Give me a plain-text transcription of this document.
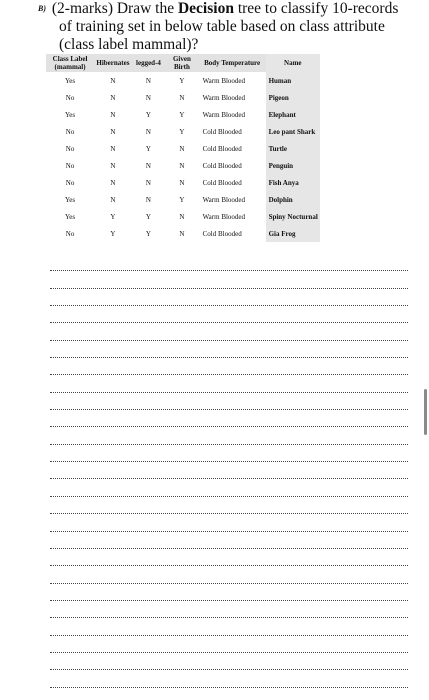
B) (2-marks) Draw the Decision tree to classify 10-records
of training set in below table based on class attribute
(class label mammal)?
Class Label (mammal)	Hibernates	legged-4	Given Birth	Body Temperature	Name
Yes	N	N	Y	Warm Blooded	Human
No	N	N	N	Warm Blooded	Pigeon
Yes	N	Y	Y	Warm Blooded	Elephant
No	N	N	Y	Cold Blooded	Leo pant Shark
No	N	Y	N	Cold Blooded	Turtle
No	N	N	N	Cold Blooded	Penguin
No	N	N	N	Cold Blooded	Fish Anya
Yes	N	N	Y	Warm Blooded	Dolphin
Yes	Y	Y	N	Warm Blooded	Spiny Nocturnal
No	Y	Y	N	Cold Blooded	Gia Frog
